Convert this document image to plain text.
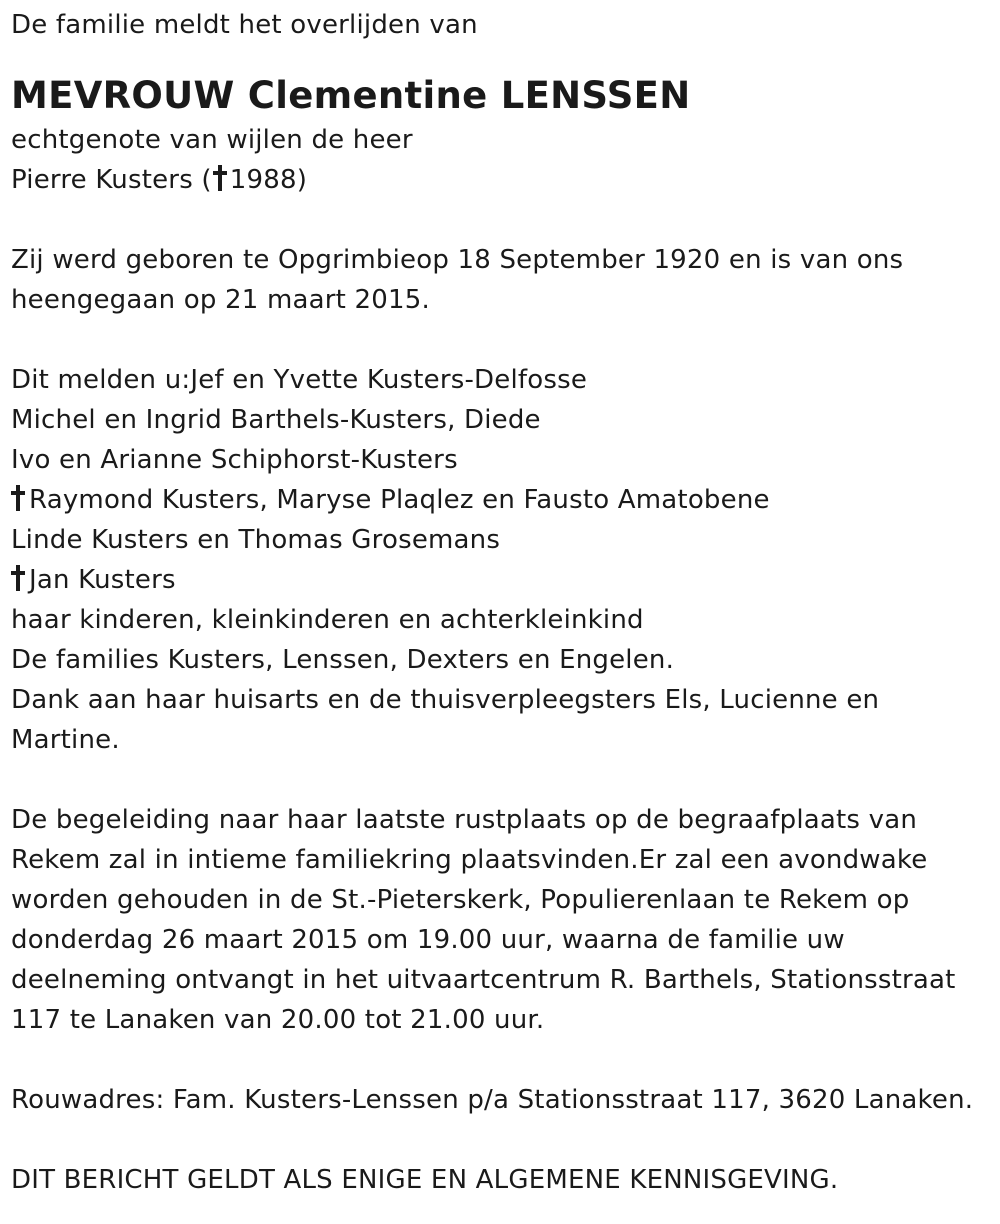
De familie meldt het overlijden van
MEVROUW Clementine LENSSEN
echtgenote van wijlen de heer
Pierre Kusters ( 1988)
Zij werd geboren te Opgrimbieop 18 September 1920 en is van ons
heengegaan op 21 maart 2015.
Dit melden u:Jef en Yvette Kusters-Delfosse
Michel en Ingrid Barthels-Kusters, Diede
Ivo en Arianne Schiphorst-Kusters
Raymond Kusters, Maryse Plaqlez en Fausto Amatobene
Linde Kusters en Thomas Grosemans
Jan Kusters
haar kinderen, kleinkinderen en achterkleinkind
De families Kusters, Lenssen, Dexters en Engelen.
Dank aan haar huisarts en de thuisverpleegsters Els, Lucienne en
Martine.
De begeleiding naar haar laatste rustplaats op de begraafplaats van
Rekem zal in intieme familiekring plaatsvinden.Er zal een avondwake
worden gehouden in de St.-Pieterskerk, Populierenlaan te Rekem op
donderdag 26 maart 2015 om 19.00 uur, waarna de familie uw
deelneming ontvangt in het uitvaartcentrum R. Barthels, Stationsstraat
117 te Lanaken van 20.00 tot 21.00 uur.
Rouwadres: Fam. Kusters-Lenssen p/a Stationsstraat 117, 3620 Lanaken.
DIT BERICHT GELDT ALS ENIGE EN ALGEMENE KENNISGEVING.
